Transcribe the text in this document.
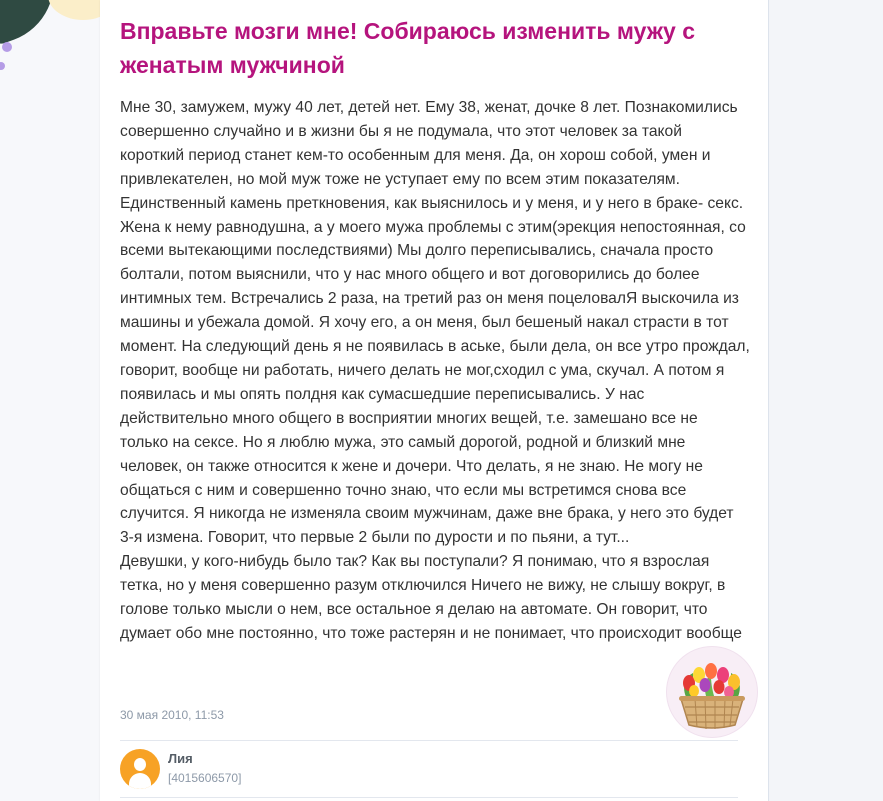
Вправьте мозги мне! Собираюсь изменить мужу с женатым мужчиной

Мне 30, замужем, мужу 40 лет, детей нет. Ему 38, женат, дочке 8 лет. Познакомились совершенно случайно и в жизни бы я не подумала, что этот человек за такой короткий период станет кем-то особенным для меня. Да, он хорош собой, умен и привлекателен, но мой муж тоже не уступает ему по всем этим показателям. Единственный камень преткновения, как выяснилось и у меня, и у него в браке- секс. Жена к нему равнодушна, а у моего мужа проблемы с этим(эрекция непостоянная, со всеми вытекающими последствиями) Мы долго переписывались, сначала просто болтали, потом выяснили, что у нас много общего и вот договорились до более интимных тем. Встречались 2 раза, на третий раз он меня поцеловалЯ выскочила из машины и убежала домой. Я хочу его, а он меня, был бешеный накал страсти в тот момент. На следующий день я не появилась в аське, были дела, он все утро прождал, говорит, вообще ни работать, ничего делать не мог,сходил с ума, скучал. А потом я появилась и мы опять полдня как сумасшедшие переписывались. У нас действительно много общего в восприятии многих вещей, т.е. замешано все не только на сексе. Но я люблю мужа, это самый дорогой, родной и близкий мне человек, он также относится к жене и дочери. Что делать, я не знаю. Не могу не общаться с ним и совершенно точно знаю, что если мы встретимся снова все случится. Я никогда не изменяла своим мужчинам, даже вне брака, у него это будет 3-я измена. Говорит, что первые 2 были по дурости и по пьяни, а тут...
Девушки, у кого-нибудь было так? Как вы поступали? Я понимаю, что я взрослая тетка, но у меня совершенно разум отключился Ничего не вижу, не слышу вокруг, в голове только мысли о нем, все остальное я делаю на автомате. Он говорит, что думает обо мне постоянно, что тоже растерян и не понимает, что происходит вообще

30 мая 2010, 11:53

Лия

[4015606570]
